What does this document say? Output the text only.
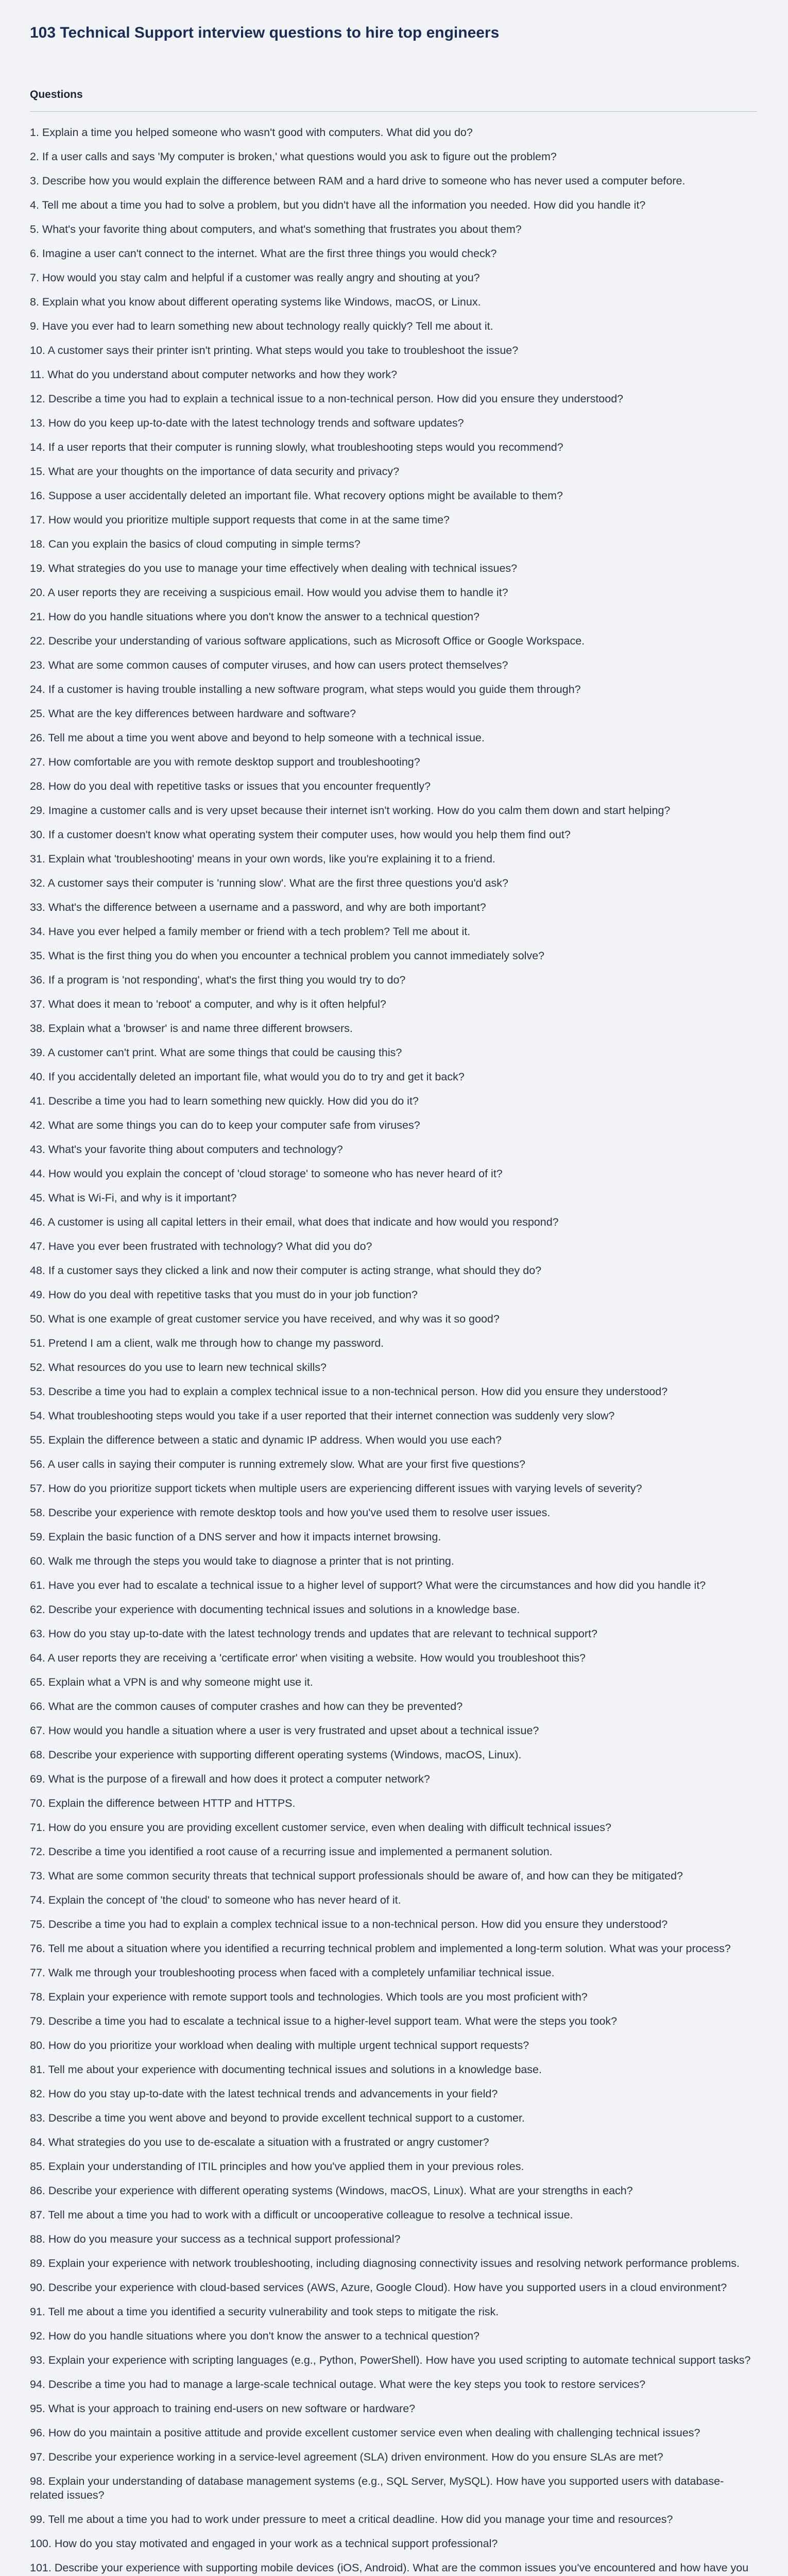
103 Technical Support interview questions to hire top engineers
Questions
1. Explain a time you helped someone who wasn't good with computers. What did you do?
2. If a user calls and says 'My computer is broken,' what questions would you ask to figure out the problem?
3. Describe how you would explain the difference between RAM and a hard drive to someone who has never used a computer before.
4. Tell me about a time you had to solve a problem, but you didn't have all the information you needed. How did you handle it?
5. What's your favorite thing about computers, and what's something that frustrates you about them?
6. Imagine a user can't connect to the internet. What are the first three things you would check?
7. How would you stay calm and helpful if a customer was really angry and shouting at you?
8. Explain what you know about different operating systems like Windows, macOS, or Linux.
9. Have you ever had to learn something new about technology really quickly? Tell me about it.
10. A customer says their printer isn't printing. What steps would you take to troubleshoot the issue?
11. What do you understand about computer networks and how they work?
12. Describe a time you had to explain a technical issue to a non-technical person. How did you ensure they understood?
13. How do you keep up-to-date with the latest technology trends and software updates?
14. If a user reports that their computer is running slowly, what troubleshooting steps would you recommend?
15. What are your thoughts on the importance of data security and privacy?
16. Suppose a user accidentally deleted an important file. What recovery options might be available to them?
17. How would you prioritize multiple support requests that come in at the same time?
18. Can you explain the basics of cloud computing in simple terms?
19. What strategies do you use to manage your time effectively when dealing with technical issues?
20. A user reports they are receiving a suspicious email. How would you advise them to handle it?
21. How do you handle situations where you don't know the answer to a technical question?
22. Describe your understanding of various software applications, such as Microsoft Office or Google Workspace.
23. What are some common causes of computer viruses, and how can users protect themselves?
24. If a customer is having trouble installing a new software program, what steps would you guide them through?
25. What are the key differences between hardware and software?
26. Tell me about a time you went above and beyond to help someone with a technical issue.
27. How comfortable are you with remote desktop support and troubleshooting?
28. How do you deal with repetitive tasks or issues that you encounter frequently?
29. Imagine a customer calls and is very upset because their internet isn't working. How do you calm them down and start helping?
30. If a customer doesn't know what operating system their computer uses, how would you help them find out?
31. Explain what 'troubleshooting' means in your own words, like you're explaining it to a friend.
32. A customer says their computer is 'running slow'. What are the first three questions you'd ask?
33. What's the difference between a username and a password, and why are both important?
34. Have you ever helped a family member or friend with a tech problem? Tell me about it.
35. What is the first thing you do when you encounter a technical problem you cannot immediately solve?
36. If a program is 'not responding', what's the first thing you would try to do?
37. What does it mean to 'reboot' a computer, and why is it often helpful?
38. Explain what a 'browser' is and name three different browsers.
39. A customer can't print. What are some things that could be causing this?
40. If you accidentally deleted an important file, what would you do to try and get it back?
41. Describe a time you had to learn something new quickly. How did you do it?
42. What are some things you can do to keep your computer safe from viruses?
43. What's your favorite thing about computers and technology?
44. How would you explain the concept of 'cloud storage' to someone who has never heard of it?
45. What is Wi-Fi, and why is it important?
46. A customer is using all capital letters in their email, what does that indicate and how would you respond?
47. Have you ever been frustrated with technology? What did you do?
48. If a customer says they clicked a link and now their computer is acting strange, what should they do?
49. How do you deal with repetitive tasks that you must do in your job function?
50. What is one example of great customer service you have received, and why was it so good?
51. Pretend I am a client, walk me through how to change my password.
52. What resources do you use to learn new technical skills?
53. Describe a time you had to explain a complex technical issue to a non-technical person. How did you ensure they understood?
54. What troubleshooting steps would you take if a user reported that their internet connection was suddenly very slow?
55. Explain the difference between a static and dynamic IP address. When would you use each?
56. A user calls in saying their computer is running extremely slow. What are your first five questions?
57. How do you prioritize support tickets when multiple users are experiencing different issues with varying levels of severity?
58. Describe your experience with remote desktop tools and how you've used them to resolve user issues.
59. Explain the basic function of a DNS server and how it impacts internet browsing.
60. Walk me through the steps you would take to diagnose a printer that is not printing.
61. Have you ever had to escalate a technical issue to a higher level of support? What were the circumstances and how did you handle it?
62. Describe your experience with documenting technical issues and solutions in a knowledge base.
63. How do you stay up-to-date with the latest technology trends and updates that are relevant to technical support?
64. A user reports they are receiving a 'certificate error' when visiting a website. How would you troubleshoot this?
65. Explain what a VPN is and why someone might use it.
66. What are the common causes of computer crashes and how can they be prevented?
67. How would you handle a situation where a user is very frustrated and upset about a technical issue?
68. Describe your experience with supporting different operating systems (Windows, macOS, Linux).
69. What is the purpose of a firewall and how does it protect a computer network?
70. Explain the difference between HTTP and HTTPS.
71. How do you ensure you are providing excellent customer service, even when dealing with difficult technical issues?
72. Describe a time you identified a root cause of a recurring issue and implemented a permanent solution.
73. What are some common security threats that technical support professionals should be aware of, and how can they be mitigated?
74. Explain the concept of 'the cloud' to someone who has never heard of it.
75. Describe a time you had to explain a complex technical issue to a non-technical person. How did you ensure they understood?
76. Tell me about a situation where you identified a recurring technical problem and implemented a long-term solution. What was your process?
77. Walk me through your troubleshooting process when faced with a completely unfamiliar technical issue.
78. Explain your experience with remote support tools and technologies. Which tools are you most proficient with?
79. Describe a time you had to escalate a technical issue to a higher-level support team. What were the steps you took?
80. How do you prioritize your workload when dealing with multiple urgent technical support requests?
81. Tell me about your experience with documenting technical issues and solutions in a knowledge base.
82. How do you stay up-to-date with the latest technical trends and advancements in your field?
83. Describe a time you went above and beyond to provide excellent technical support to a customer.
84. What strategies do you use to de-escalate a situation with a frustrated or angry customer?
85. Explain your understanding of ITIL principles and how you've applied them in your previous roles.
86. Describe your experience with different operating systems (Windows, macOS, Linux). What are your strengths in each?
87. Tell me about a time you had to work with a difficult or uncooperative colleague to resolve a technical issue.
88. How do you measure your success as a technical support professional?
89. Explain your experience with network troubleshooting, including diagnosing connectivity issues and resolving network performance problems.
90. Describe your experience with cloud-based services (AWS, Azure, Google Cloud). How have you supported users in a cloud environment?
91. Tell me about a time you identified a security vulnerability and took steps to mitigate the risk.
92. How do you handle situations where you don't know the answer to a technical question?
93. Explain your experience with scripting languages (e.g., Python, PowerShell). How have you used scripting to automate technical support tasks?
94. Describe a time you had to manage a large-scale technical outage. What were the key steps you took to restore services?
95. What is your approach to training end-users on new software or hardware?
96. How do you maintain a positive attitude and provide excellent customer service even when dealing with challenging technical issues?
97. Describe your experience working in a service-level agreement (SLA) driven environment. How do you ensure SLAs are met?
98. Explain your understanding of database management systems (e.g., SQL Server, MySQL). How have you supported users with database-related issues?
99. Tell me about a time you had to work under pressure to meet a critical deadline. How did you manage your time and resources?
100. How do you stay motivated and engaged in your work as a technical support professional?
101. Describe your experience with supporting mobile devices (iOS, Android). What are the common issues you've encountered and how have you
